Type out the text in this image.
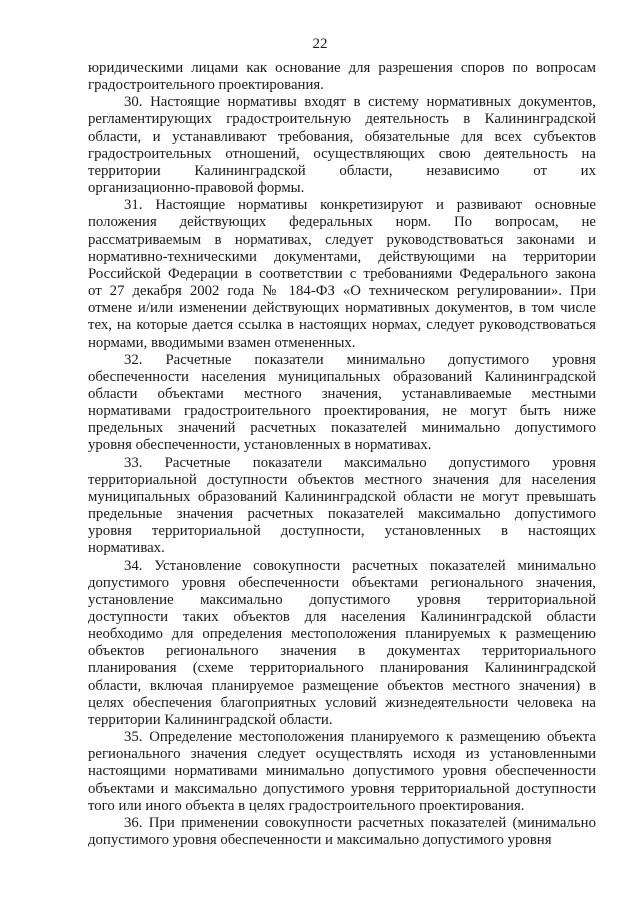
22
юридическими лицами как основание для разрешения споров по вопросам
градостроительного проектирования.
30. Настоящие нормативы входят в систему нормативных документов,
регламентирующих градостроительную деятельность в Калининградской
области, и устанавливают требования, обязательные для всех субъектов
градостроительных отношений, осуществляющих свою деятельность на
территории Калининградской области, независимо от их
организационно-правовой формы.
31. Настоящие нормативы конкретизируют и развивают основные
положения действующих федеральных норм. По вопросам, не
рассматриваемым в нормативах, следует руководствоваться законами и
нормативно-техническими документами, действующими на территории
Российской Федерации в соответствии с требованиями Федерального закона
от 27 декабря 2002 года № 184-ФЗ «О техническом регулировании». При
отмене и/или изменении действующих нормативных документов, в том числе
тех, на которые дается ссылка в настоящих нормах, следует руководствоваться
нормами, вводимыми взамен отмененных.
32. Расчетные показатели минимально допустимого уровня
обеспеченности населения муниципальных образований Калининградской
области объектами местного значения, устанавливаемые местными
нормативами градостроительного проектирования, не могут быть ниже
предельных значений расчетных показателей минимально допустимого
уровня обеспеченности, установленных в нормативах.
33. Расчетные показатели максимально допустимого уровня
территориальной доступности объектов местного значения для населения
муниципальных образований Калининградской области не могут превышать
предельные значения расчетных показателей максимально допустимого
уровня территориальной доступности, установленных в настоящих
нормативах.
34. Установление совокупности расчетных показателей минимально
допустимого уровня обеспеченности объектами регионального значения,
установление максимально допустимого уровня территориальной
доступности таких объектов для населения Калининградской области
необходимо для определения местоположения планируемых к размещению
объектов регионального значения в документах территориального
планирования (схеме территориального планирования Калининградской
области, включая планируемое размещение объектов местного значения) в
целях обеспечения благоприятных условий жизнедеятельности человека на
территории Калининградской области.
35. Определение местоположения планируемого к размещению объекта
регионального значения следует осуществлять исходя из установленными
настоящими нормативами минимально допустимого уровня обеспеченности
объектами и максимально допустимого уровня территориальной доступности
того или иного объекта в целях градостроительного проектирования.
36. При применении совокупности расчетных показателей (минимально
допустимого уровня обеспеченности и максимально допустимого уровня
